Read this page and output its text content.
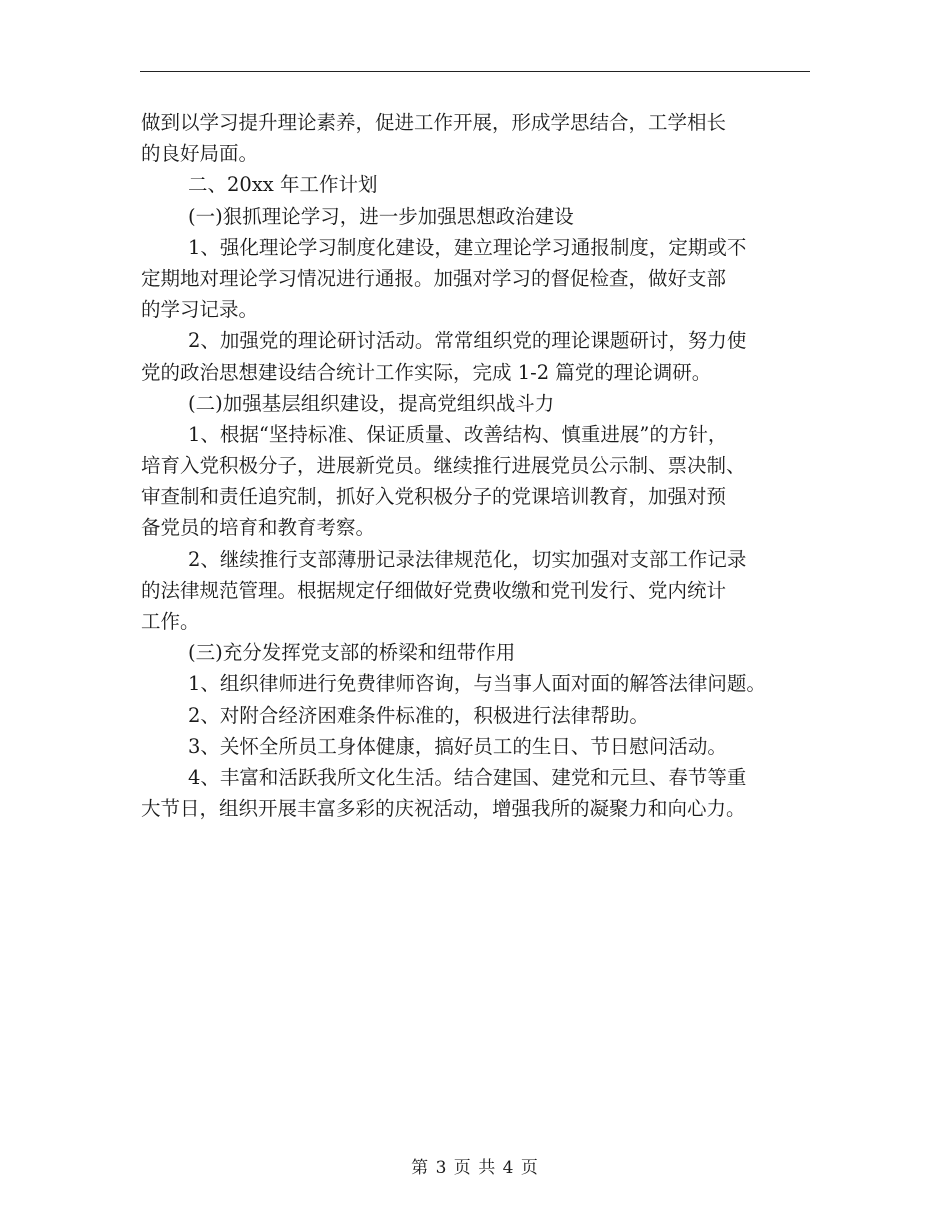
做到以学习提升理论素养，促进工作开展，形成学思结合，工学相长
的良好局面。
二、20xx 年工作计划
(一)狠抓理论学习，进一步加强思想政治建设
1、强化理论学习制度化建设，建立理论学习通报制度，定期或不
定期地对理论学习情况进行通报。加强对学习的督促检查，做好支部
的学习记录。
2、加强党的理论研讨活动。常常组织党的理论课题研讨，努力使
党的政治思想建设结合统计工作实际，完成 1-2 篇党的理论调研。
(二)加强基层组织建设，提高党组织战斗力
1、根据“坚持标准、保证质量、改善结构、慎重进展”的方针，
培育入党积极分子，进展新党员。继续推行进展党员公示制、票决制、
审查制和责任追究制，抓好入党积极分子的党课培训教育，加强对预
备党员的培育和教育考察。
2、继续推行支部薄册记录法律规范化，切实加强对支部工作记录
的法律规范管理。根据规定仔细做好党费收缴和党刊发行、党内统计
工作。
(三)充分发挥党支部的桥梁和纽带作用
1、组织律师进行免费律师咨询，与当事人面对面的解答法律问题。
2、对附合经济困难条件标准的，积极进行法律帮助。
3、关怀全所员工身体健康，搞好员工的生日、节日慰问活动。
4、丰富和活跃我所文化生活。结合建国、建党和元旦、春节等重
大节日，组织开展丰富多彩的庆祝活动，增强我所的凝聚力和向心力。
第 3 页 共 4 页
